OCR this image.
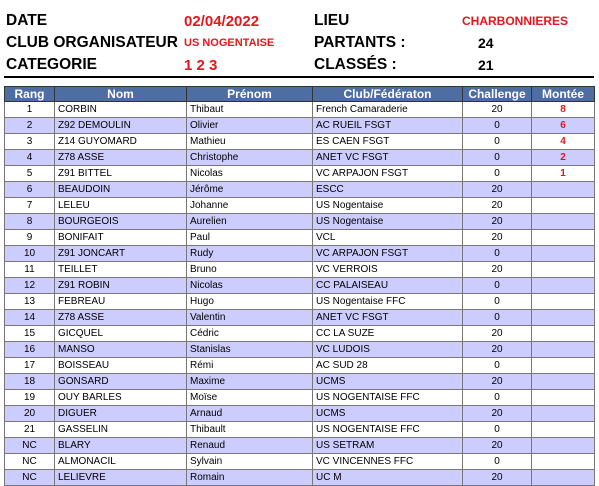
DATE	02/04/2022	LIEU	CHARBONNIERES
CLUB ORGANISATEUR	US NOGENTAISE	PARTANTS :	24
CATEGORIE	1 2 3	CLASSÉS :	21
Rang	Nom	Prénom	Club/Fédératon	Challenge	Montée
1	CORBIN	Thibaut	French Camaraderie	20	8
2	Z92 DEMOULIN	Olivier	AC RUEIL FSGT	0	6
3	Z14 GUYOMARD	Mathieu	ES CAEN FSGT	0	4
4	Z78 ASSE	Christophe	ANET VC FSGT	0	2
5	Z91 BITTEL	Nicolas	VC ARPAJON FSGT	0	1
6	BEAUDOIN	Jérôme	ESCC	20	
7	LELEU	Johanne	US Nogentaise	20	
8	BOURGEOIS	Aurelien	US Nogentaise	20	
9	BONIFAIT	Paul	VCL	20	
10	Z91 JONCART	Rudy	VC ARPAJON FSGT	0	
11	TEILLET	Bruno	VC VERROIS	20	
12	Z91 ROBIN	Nicolas	CC PALAISEAU	0	
13	FEBREAU	Hugo	US Nogentaise FFC	0	
14	Z78 ASSE	Valentin	ANET VC FSGT	0	
15	GICQUEL	Cédric	CC LA SUZE	20	
16	MANSO	Stanislas	VC LUDOIS	20	
17	BOISSEAU	Rémi	AC SUD 28	0	
18	GONSARD	Maxime	UCMS	20	
19	OUY BARLES	Moïse	US NOGENTAISE FFC	0	
20	DIGUER	Arnaud	UCMS	20	
21	GASSELIN	Thibault	US NOGENTAISE FFC	0	
NC	BLARY	Renaud	US SETRAM	20	
NC	ALMONACIL	Sylvain	VC VINCENNES FFC	0	
NC	LELIEVRE	Romain	UC M	20	
